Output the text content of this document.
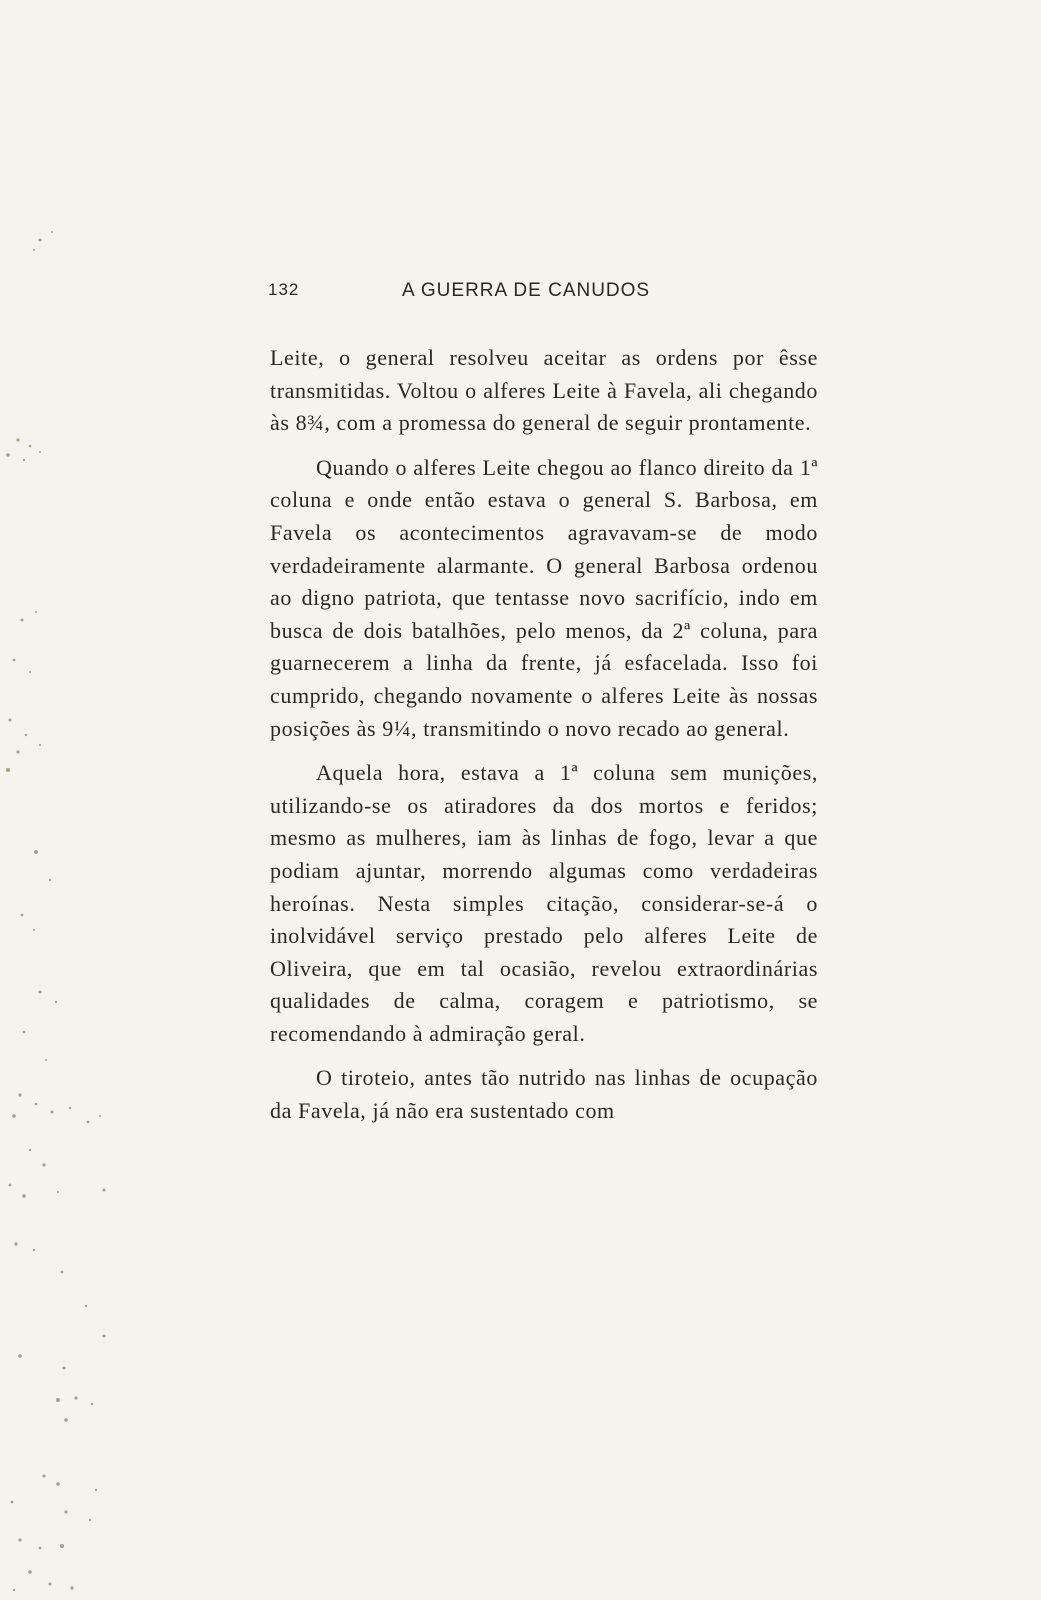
132	A GUERRA DE CANUDOS

Leite, o general resolveu aceitar as ordens por êsse transmitidas. Voltou o alferes Leite à Favela, ali chegando às 8¾, com a promessa do general de seguir prontamente.

Quando o alferes Leite chegou ao flanco direito da 1ª coluna e onde então estava o general S. Barbosa, em Favela os acontecimentos agravavam-se de modo verdadeiramente alarmante. O general Barbosa ordenou ao digno patriota, que tentasse novo sacrifício, indo em busca de dois batalhões, pelo menos, da 2ª coluna, para guarnecerem a linha da frente, já esfacelada. Isso foi cumprido, chegando novamente o alferes Leite às nossas posições às 9¼, transmitindo o novo recado ao general.

Aquela hora, estava a 1ª coluna sem munições, utilizando-se os atiradores da dos mortos e feridos; mesmo as mulheres, iam às linhas de fogo, levar a que podiam ajuntar, morrendo algumas como verdadeiras heroínas. Nesta simples citação, considerar-se-á o inolvidável serviço prestado pelo alferes Leite de Oliveira, que em tal ocasião, revelou extraordinárias qualidades de calma, coragem e patriotismo, se recomendando à admiração geral.

O tiroteio, antes tão nutrido nas linhas de ocupação da Favela, já não era sustentado com
